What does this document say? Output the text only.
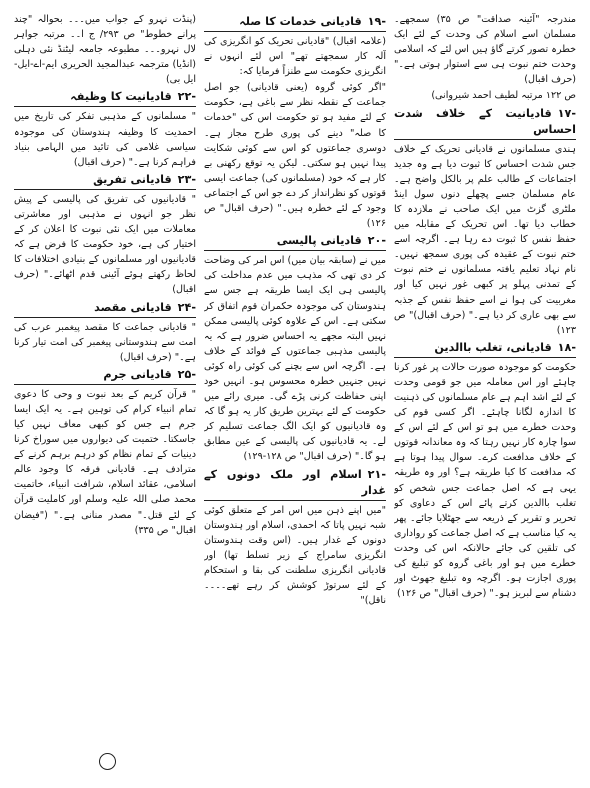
مندرجہ "آئینہ صداقت" ص ۳۵) سمجھے۔ مسلمان اسے اسلام کی وحدت کے لئے ایک خطرہ تصور کرتے گاؤ ہیں اس لئے کہ اسلامی وحدت ختم نبوت ہی سے استوار ہوتی ہے۔" (حرف اقبال)

ص ۱۲۲ مرتبہ لطیف احمد شیروانی)

-۱۷قادیانیت کے خلاف شدت احساس

ہندی مسلمانوں نے قادیانی تحریک کے خلاف جس شدت احساس کا ثبوت دیا ہے وہ جدید اجتماعات کے طالب علم پر بالکل واضح ہے۔ عام مسلمان جسے پچھلے دنوں سول اینڈ ملٹری گزٹ میں ایک صاحب نے ملازدہ کا خطاب دیا تھا۔ اس تحریک کے مقابلہ میں حفظ نفس کا ثبوت دے رہا ہے۔ اگرچہ اسے ختم نبوت کے عقیدہ کی پوری سمجھ نہیں۔ نام نہاد تعلیم یافتہ مسلمانوں نے ختم نبوت کے تمدنی پہلو پر کبھی غور نہیں کیا اور مغربیت کی ہوا نے اسے حفظ نفس کے جذبہ سے بھی عاری کر دیا ہے۔" (حرف اقبال)" ص ۱۲۳)

-۱۸قادیانی، تغلب باالدین

حکومت کو موجودہ صورت حالات پر غور کرنا چاہئے اور اس معاملہ میں جو قومی وحدت کے لئے اشد اہم ہے عام مسلمانوں کی ذہنیت کا اندازہ لگانا چاہئے۔ اگر کسی قوم کی وحدت خطرے میں ہو تو اس کے لئے اس کے سوا چارہ کار نہیں رہتا کہ وہ معاندانہ قوتوں کے خلاف مدافعت کرے۔ سوال پیدا ہوتا ہے کہ مدافعت کا کیا طریقہ ہے؟ اور وہ طریقہ یہی ہے کہ اصل جماعت جس شخص کو تغلب باالدین کرتے پائے اس کے دعاوی کو تحریر و تقریر کے ذریعہ سے جھٹلایا جائے۔ پھر یہ کیا مناسب ہے کہ اصل جماعت کو رواداری کی تلقین کی جائے حالانکہ اس کی وحدت خطرے میں ہو اور باغی گروہ کو تبلیغ کی پوری اجازت ہو۔ اگرچہ وہ تبلیغ جھوٹ اور دشنام سے لبریز ہو۔" (حرف اقبال" ص ۱۲۶)

-۱۹قادیانی خدمات کا صلہ

(علامہ اقبال) "قادیانی تحریک کو انگریزی کی آلہ کار سمجھتے تھے" اس لئے انہوں نے انگریزی حکومت سے طنزاً فرمایا کہ:

"اگر کوئی گروہ (یعنی قادیانی) جو اصل جماعت کے نقطہ نظر سے باغی ہے، حکومت کے لئے مفید ہو تو حکومت اس کی "خدمات کا صلہ" دینے کی پوری طرح مجاز ہے۔ دوسری جماعتوں کو اس سے کوئی شکایت پیدا نہیں ہو سکتی۔ لیکن یہ توقع رکھنی بے کار ہے کہ خود (مسلمانوں کی) جماعت ایسی قوتوں کو نظرانداز کر دے جو اس کے اجتماعی وجود کے لئے خطرہ ہیں۔" (حرف اقبال" ص ۱۲۶)

-۲۰قادیانی پالیسی

میں نے (سابقہ بیان میں) اس امر کی وضاحت کر دی تھی کہ مذہب میں عدم مداخلت کی پالیسی ہی ایک ایسا طریقہ ہے جس سے ہندوستان کی موجودہ حکمران قوم اتفاق کر سکتی ہے۔ اس کے علاوہ کوئی پالیسی ممکن نہیں البتہ مجھے یہ احساس ضرور ہے کہ یہ پالیسی مذہبی جماعتوں کے فوائد کے خلاف ہے۔ اگرچہ اس سے بچنے کی کوئی راہ کوئی نہیں جنہیں خطرہ محسوس ہو۔ انہیں خود اپنی حفاظت کرنی پڑے گی۔ میری رائے میں حکومت کے لئے بہترین طریق کار یہ ہو گا کہ وہ قادیانیوں کو ایک الگ جماعت تسلیم کر لے۔ یہ قادیانیوں کی پالیسی کے عین مطابق ہو گا۔" (حرف اقبال" ص ۱۲۸-۱۲۹)

-۲۱اسلام اور ملک دونوں کے غدار

"میں اپنے ذہن میں اس امر کے متعلق کوئی شبہ نہیں پاتا کہ احمدی، اسلام اور ہندوستان دونوں کے غدار ہیں۔ (اس وقت ہندوستان انگریزی سامراج کے زیر تسلط تھا) اور قادیانی انگریزی سلطنت کی بقا و استحکام کے لئے سرتوڑ کوشش کر رہے تھے۔۔۔۔ ناقل)"

(پنڈت نہرو کے جواب میں۔۔۔ بحوالہ "چند پرانے خطوط" ص ۲۹۳/ ج ا۔۔ مرتبہ جواہر لال نہرو۔۔۔ مطبوعہ جامعہ لیٹنڈ نئی دہلی (انڈیا) مترجمہ عبدالمجید الحریری ایم-اے-ایل-ایل بی)

-۲۲قادیانیت کا وظیفہ

" مسلمانوں کے مذہبی تفکر کی تاریخ میں احمدیت کا وظیفہ ہندوستان کی موجودہ سیاسی غلامی کی تائید میں الہامی بنیاد فراہم کرنا ہے۔" (حرف اقبال)

-۲۳قادیانی تفریق

" قادیانیوں کی تفریق کی پالیسی کے پیش نظر جو انہوں نے مذہبی اور معاشرتی معاملات میں ایک نئی نبوت کا اعلان کر کے اختیار کی ہے، خود حکومت کا فرض ہے کہ قادیانیوں اور مسلمانوں کے بنیادی اختلافات کا لحاظ رکھتے ہوئے آئینی قدم اٹھائے۔" (حرف اقبال)

-۲۴قادیانی مقصد

" قادیانی جماعت کا مقصد پیغمبر عرب کی امت سے ہندوستانی پیغمبر کی امت تیار کرنا ہے۔" (حرف اقبال)

-۲۵قادیانی جرم

" قرآن کریم کے بعد نبوت و وحی کا دعوی تمام انبیاء کرام کی توہین ہے۔ یہ ایک ایسا جرم ہے جس کو کبھی معاف نہیں کیا جاسکتا۔ ختمیت کی دیواروں میں سوراخ کرنا دینیات کے تمام نظام کو درہم برہم کرنے کے مترادف ہے۔ قادیانی فرقہ کا وجود عالم اسلامی، عقائد اسلام، شرافت انبیاء، خاتمیت محمد صلی اللہ علیہ وسلم اور کاملیت قرآن کے لئے قتل۔" مصدر منانی ہے۔" ("فیضان اقبال" ص ۳۳۵)
